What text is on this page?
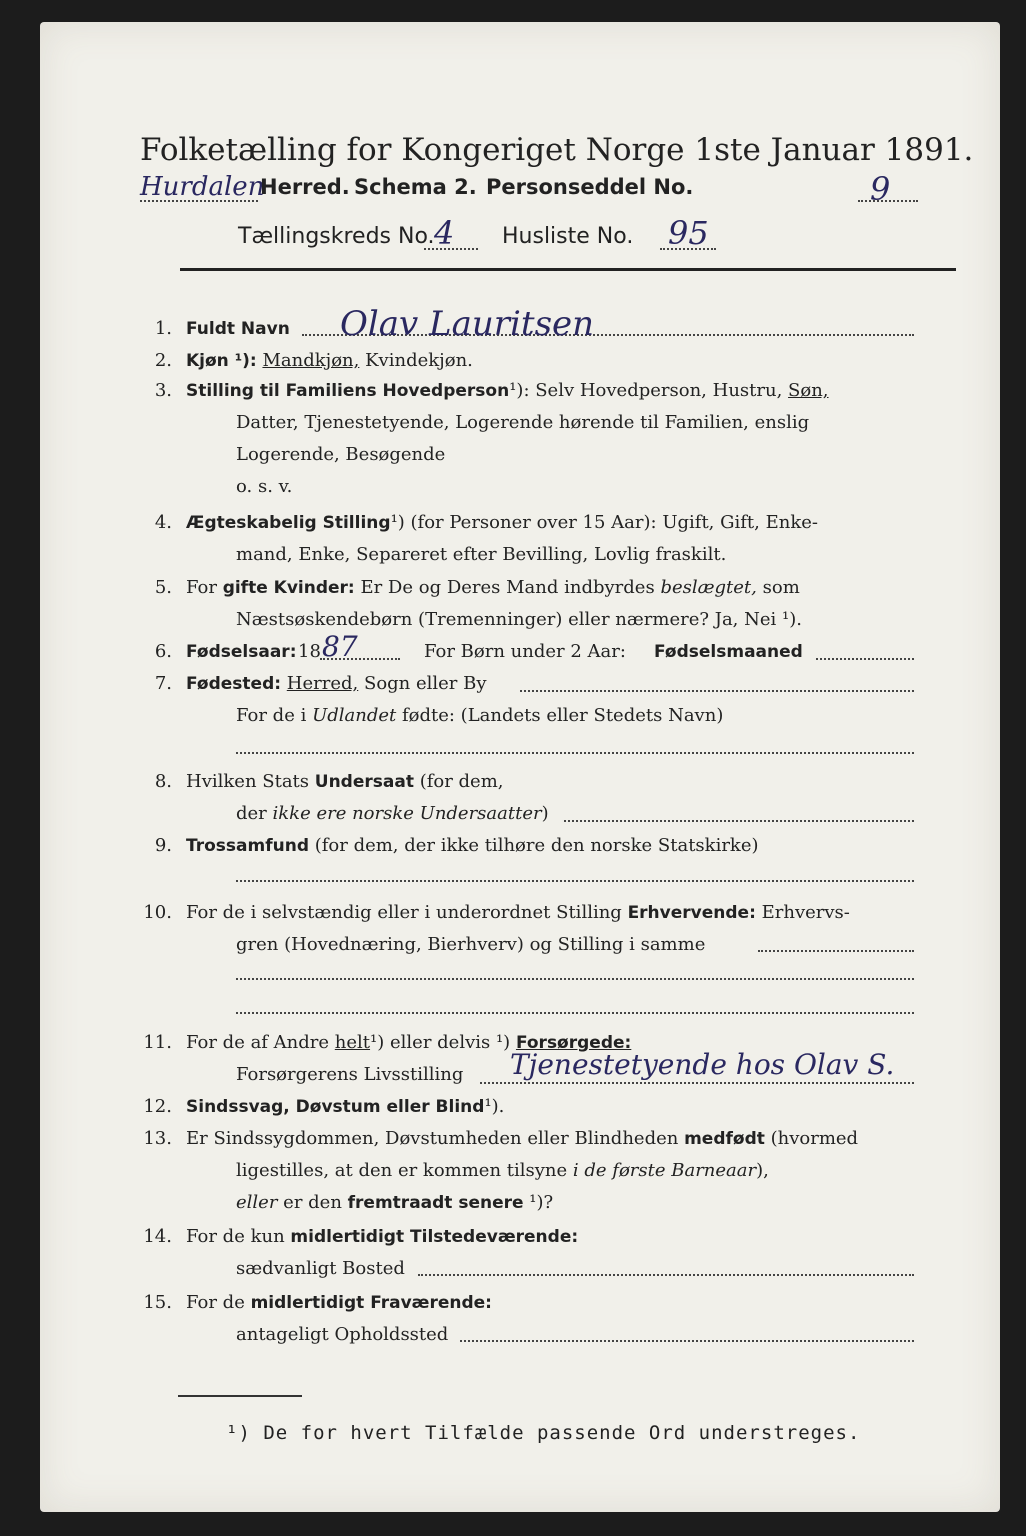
Folketælling for Kongeriget Norge 1ste Januar 1891.
Hurdalen
Herred. Schema 2. Personseddel No.	9
Tællingskreds No. 4 Husliste No. 95
1. Fuldt Navn Olav Lauritsen
2. Kjøn ¹): Mandkjøn, Kvindekjøn.
3. Stilling til Familiens Hovedperson¹): Selv Hovedperson, Hustru, Søn,
Datter, Tjenestetyende, Logerende hørende til Familien, enslig
Logerende, Besøgende
o. s. v.
4. Ægteskabelig Stilling¹) (for Personer over 15 Aar): Ugift, Gift, Enke-
mand, Enke, Separeret efter Bevilling, Lovlig fraskilt.
5. For gifte Kvinder: Er De og Deres Mand indbyrdes beslægtet, som
Næstsøskendebørn (Tremenninger) eller nærmere? Ja, Nei ¹).
6. Fødselsaar: 18 87	For Børn under 2 Aar: Fødselsmaaned
7. Fødested: Herred, Sogn eller By
For de i Udlandet fødte: (Landets eller Stedets Navn)
8. Hvilken Stats Undersaat (for dem,
der ikke ere norske Undersaatter)
9. Trossamfund (for dem, der ikke tilhøre den norske Statskirke)
10. For de i selvstændig eller i underordnet Stilling Erhvervende: Erhvervs-
gren (Hovednæring, Bierhverv) og Stilling i samme
11. For de af Andre helt¹) eller delvis ¹) Forsørgede:
Forsørgerens Livsstilling Tjenestetyende hos Olav S.
12. Sindssvag, Døvstum eller Blind¹).
13. Er Sindssygdommen, Døvstumheden eller Blindheden medfødt (hvormed
ligestilles, at den er kommen tilsyne i de første Barneaar),
eller er den fremtraadt senere ¹)?
14. For de kun midlertidigt Tilstedeværende:
sædvanligt Bosted
15. For de midlertidigt Fraværende:
antageligt Opholdssted
¹) De for hvert Tilfælde passende Ord understreges.
